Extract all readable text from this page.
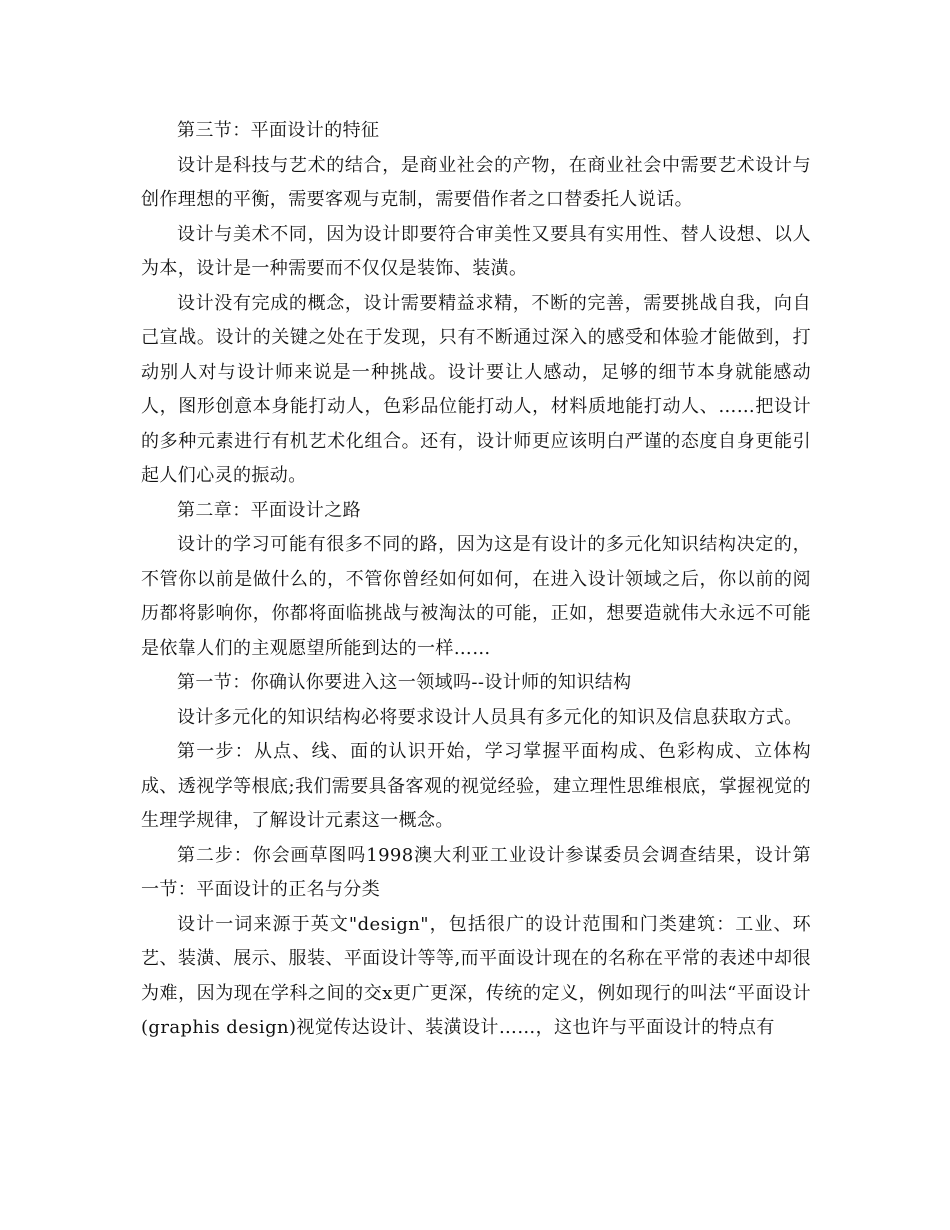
第三节：平面设计的特征

设计是科技与艺术的结合，是商业社会的产物，在商业社会中需要艺术设计与创作理想的平衡，需要客观与克制，需要借作者之口替委托人说话。

设计与美术不同，因为设计即要符合审美性又要具有实用性、替人设想、以人为本，设计是一种需要而不仅仅是装饰、装潢。

设计没有完成的概念，设计需要精益求精，不断的完善，需要挑战自我，向自己宣战。设计的关键之处在于发现，只有不断通过深入的感受和体验才能做到，打动别人对与设计师来说是一种挑战。设计要让人感动，足够的细节本身就能感动人，图形创意本身能打动人，色彩品位能打动人，材料质地能打动人、……把设计的多种元素进行有机艺术化组合。还有，设计师更应该明白严谨的态度自身更能引起人们心灵的振动。

第二章：平面设计之路

设计的学习可能有很多不同的路，因为这是有设计的多元化知识结构决定的，不管你以前是做什么的，不管你曾经如何如何，在进入设计领域之后，你以前的阅历都将影响你，你都将面临挑战与被淘汰的可能，正如，想要造就伟大永远不可能是依靠人们的主观愿望所能到达的一样……

第一节：你确认你要进入这一领域吗--设计师的知识结构

设计多元化的知识结构必将要求设计人员具有多元化的知识及信息获取方式。

第一步：从点、线、面的认识开始，学习掌握平面构成、色彩构成、立体构成、透视学等根底;我们需要具备客观的视觉经验，建立理性思维根底，掌握视觉的生理学规律，了解设计元素这一概念。

第二步：你会画草图吗1998澳大利亚工业设计参谋委员会调查结果，设计第一节：平面设计的正名与分类

设计一词来源于英文"design"，包括很广的设计范围和门类建筑：工业、环艺、装潢、展示、服装、平面设计等等,而平面设计现在的名称在平常的表述中却很为难，因为现在学科之间的交x更广更深，传统的定义，例如现行的叫法“平面设计(graphis design)视觉传达设计、装潢设计……，这也许与平面设计的特点有
